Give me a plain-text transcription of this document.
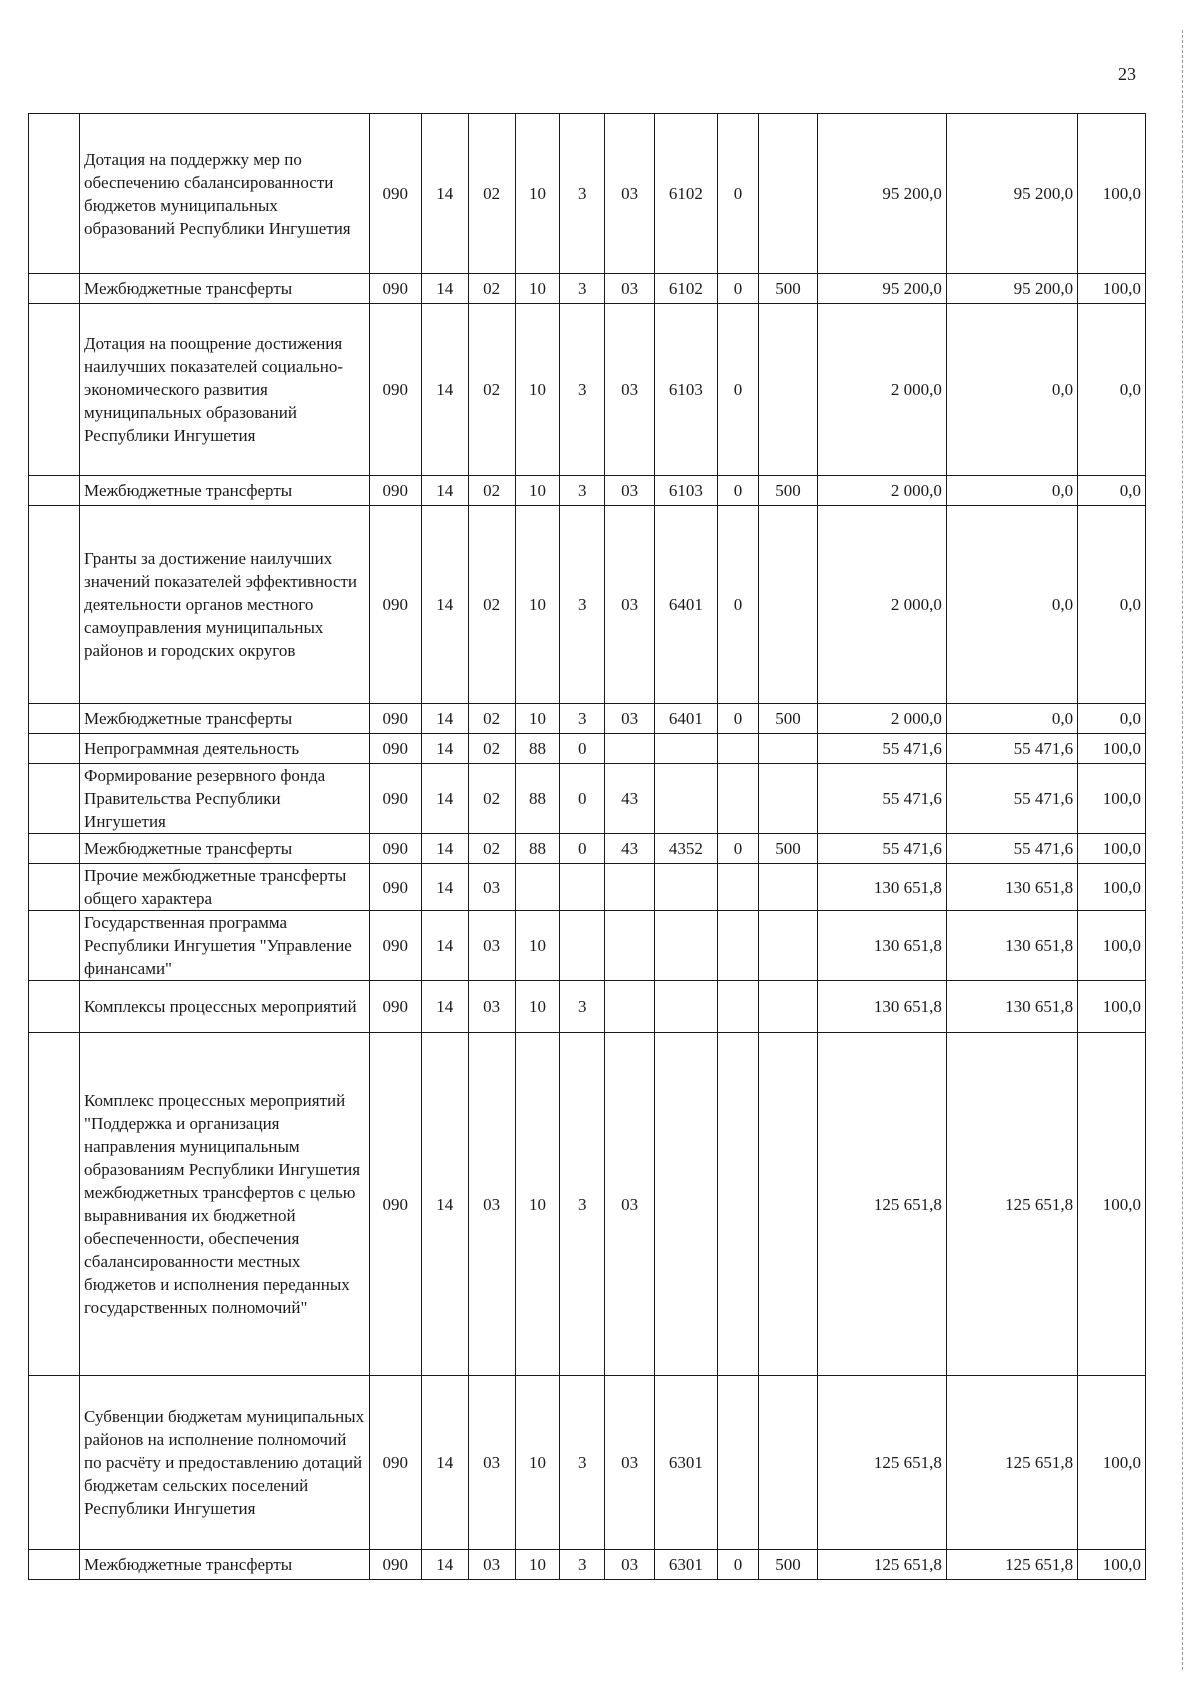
23
	Дотация на поддержку мер по обеспечению сбалансированности бюджетов муниципальных образований Республики Ингушетия	090	14	02	10	3	03	6102	0		95 200,0	95 200,0	100,0
	Межбюджетные трансферты	090	14	02	10	3	03	6102	0	500	95 200,0	95 200,0	100,0
	Дотация на поощрение достижения наилучших показателей социально-экономического развития муниципальных образований Республики Ингушетия	090	14	02	10	3	03	6103	0		2 000,0	0,0	0,0
	Межбюджетные трансферты	090	14	02	10	3	03	6103	0	500	2 000,0	0,0	0,0
	Гранты за достижение наилучших значений показателей эффективности деятельности органов местного самоуправления муниципальных районов и городских округов	090	14	02	10	3	03	6401	0		2 000,0	0,0	0,0
	Межбюджетные трансферты	090	14	02	10	3	03	6401	0	500	2 000,0	0,0	0,0
	Непрограммная деятельность	090	14	02	88	0					55 471,6	55 471,6	100,0
	Формирование резервного фонда Правительства Республики Ингушетия	090	14	02	88	0	43				55 471,6	55 471,6	100,0
	Межбюджетные трансферты	090	14	02	88	0	43	4352	0	500	55 471,6	55 471,6	100,0
	Прочие межбюджетные трансферты общего характера	090	14	03							130 651,8	130 651,8	100,0
	Государственная программа Республики Ингушетия "Управление финансами"	090	14	03	10						130 651,8	130 651,8	100,0
	Комплексы процессных мероприятий	090	14	03	10	3					130 651,8	130 651,8	100,0
	Комплекс процессных мероприятий "Поддержка и организация направления муниципальным образованиям Республики Ингушетия межбюджетных трансфертов с целью выравнивания их бюджетной обеспеченности, обеспечения сбалансированности местных бюджетов и исполнения переданных государственных полномочий"	090	14	03	10	3	03				125 651,8	125 651,8	100,0
	Субвенции бюджетам муниципальных районов на исполнение полномочий по расчёту и предоставлению дотаций бюджетам сельских поселений Республики Ингушетия	090	14	03	10	3	03	6301			125 651,8	125 651,8	100,0
	Межбюджетные трансферты	090	14	03	10	3	03	6301	0	500	125 651,8	125 651,8	100,0
